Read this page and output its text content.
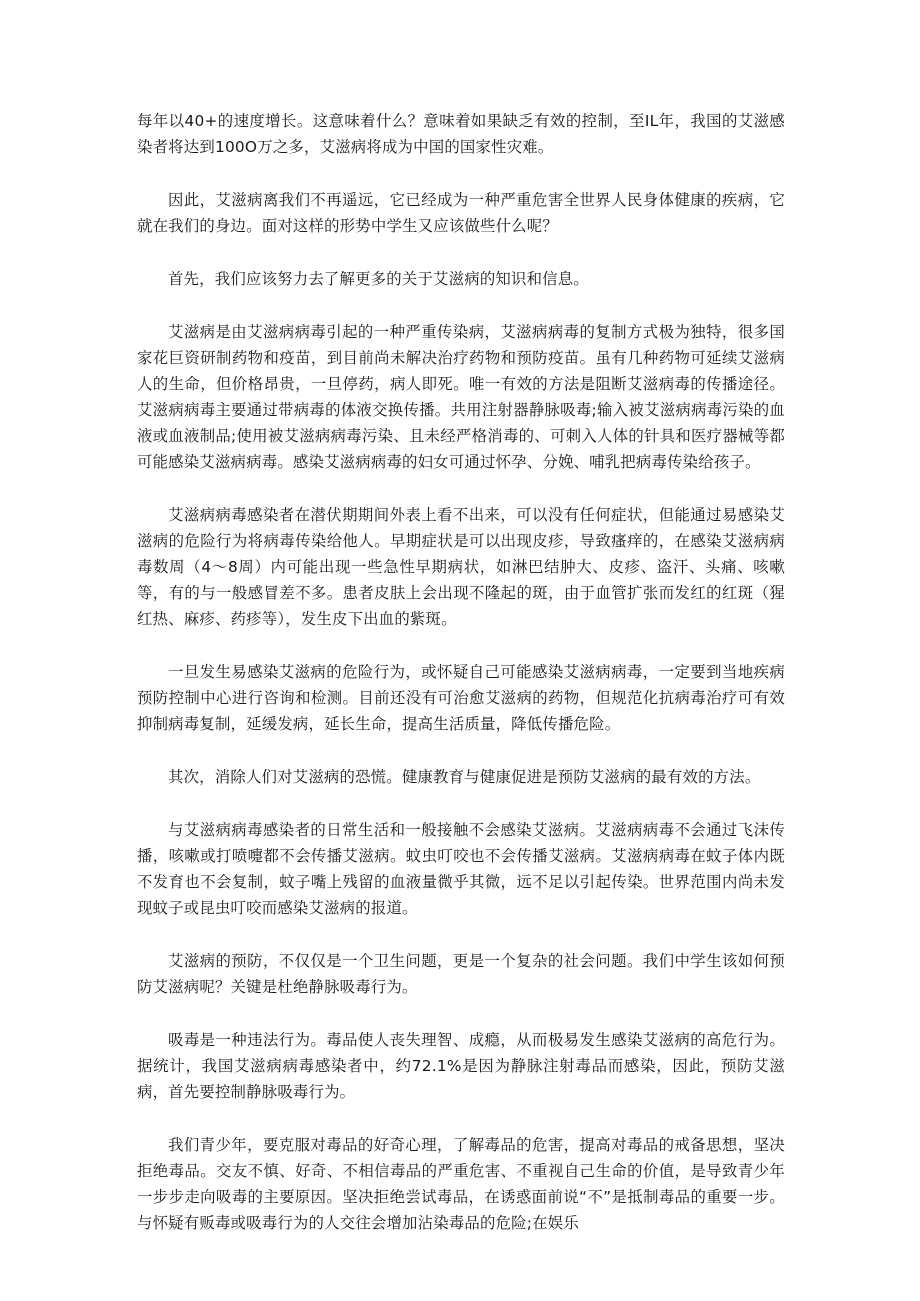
每年以40+的速度增长。这意味着什么？意味着如果缺乏有效的控制，至IL年，我国的艾滋感染者将达到100O万之多，艾滋病将成为中国的国家性灾难。

因此，艾滋病离我们不再遥远，它已经成为一种严重危害全世界人民身体健康的疾病，它就在我们的身边。面对这样的形势中学生又应该做些什么呢？

首先，我们应该努力去了解更多的关于艾滋病的知识和信息。

艾滋病是由艾滋病病毒引起的一种严重传染病，艾滋病病毒的复制方式极为独特，很多国家花巨资研制药物和疫苗，到目前尚未解决治疗药物和预防疫苗。虽有几种药物可延续艾滋病人的生命，但价格昂贵，一旦停药，病人即死。唯一有效的方法是阻断艾滋病毒的传播途径。艾滋病病毒主要通过带病毒的体液交换传播。共用注射器静脉吸毒;输入被艾滋病病毒污染的血液或血液制品;使用被艾滋病病毒污染、且未经严格消毒的、可刺入人体的针具和医疗器械等都可能感染艾滋病病毒。感染艾滋病病毒的妇女可通过怀孕、分娩、哺乳把病毒传染给孩子。

艾滋病病毒感染者在潜伏期期间外表上看不出来，可以没有任何症状，但能通过易感染艾滋病的危险行为将病毒传染给他人。早期症状是可以出现皮疹，导致瘙痒的，在感染艾滋病病毒数周（4〜8周）内可能出现一些急性早期病状，如淋巴结肿大、皮疹、盗汗、头痛、咳嗽等，有的与一般感冒差不多。患者皮肤上会出现不隆起的斑，由于血管扩张而发红的红斑（猩红热、麻疹、药疹等），发生皮下出血的紫斑。

一旦发生易感染艾滋病的危险行为，或怀疑自己可能感染艾滋病病毒，一定要到当地疾病预防控制中心进行咨询和检测。目前还没有可治愈艾滋病的药物，但规范化抗病毒治疗可有效抑制病毒复制，延缓发病，延长生命，提高生活质量，降低传播危险。

其次，消除人们对艾滋病的恐慌。健康教育与健康促进是预防艾滋病的最有效的方法。

与艾滋病病毒感染者的日常生活和一般接触不会感染艾滋病。艾滋病病毒不会通过飞沫传播，咳嗽或打喷嚏都不会传播艾滋病。蚊虫叮咬也不会传播艾滋病。艾滋病病毒在蚊子体内既不发育也不会复制，蚊子嘴上残留的血液量微乎其微，远不足以引起传染。世界范围内尚未发现蚊子或昆虫叮咬而感染艾滋病的报道。

艾滋病的预防，不仅仅是一个卫生问题，更是一个复杂的社会问题。我们中学生该如何预防艾滋病呢？关键是杜绝静脉吸毒行为。

吸毒是一种违法行为。毒品使人丧失理智、成瘾，从而极易发生感染艾滋病的高危行为。据统计，我国艾滋病病毒感染者中，约72.1%是因为静脉注射毒品而感染，因此，预防艾滋病，首先要控制静脉吸毒行为。

我们青少年，要克服对毒品的好奇心理，了解毒品的危害，提高对毒品的戒备思想，坚决拒绝毒品。交友不慎、好奇、不相信毒品的严重危害、不重视自己生命的价值，是导致青少年一步步走向吸毒的主要原因。坚决拒绝尝试毒品，在诱惑面前说“不”是抵制毒品的重要一步。与怀疑有贩毒或吸毒行为的人交往会增加沾染毒品的危险;在娱乐
